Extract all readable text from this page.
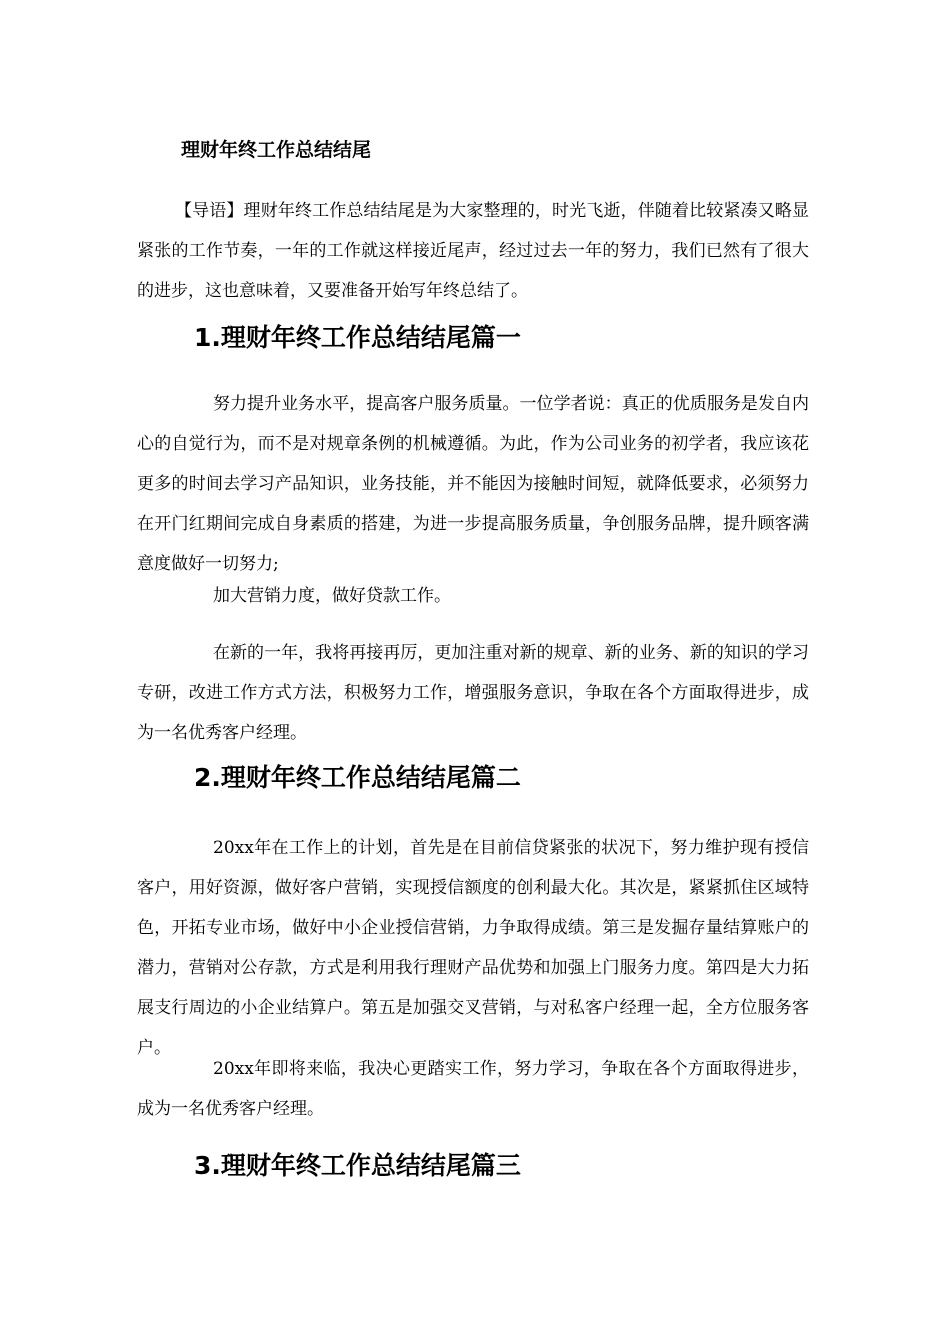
理财年终工作总结结尾

【导语】理财年终工作总结结尾是为大家整理的，时光飞逝，伴随着比较紧凑又略显紧张的工作节奏，一年的工作就这样接近尾声，经过过去一年的努力，我们已然有了很大的进步，这也意味着，又要准备开始写年终总结了。

1.理财年终工作总结结尾篇一

努力提升业务水平，提高客户服务质量。一位学者说：真正的优质服务是发自内心的自觉行为，而不是对规章条例的机械遵循。为此，作为公司业务的初学者，我应该花更多的时间去学习产品知识，业务技能，并不能因为接触时间短，就降低要求，必须努力在开门红期间完成自身素质的搭建，为进一步提高服务质量，争创服务品牌，提升顾客满意度做好一切努力;

加大营销力度，做好贷款工作。

在新的一年，我将再接再厉，更加注重对新的规章、新的业务、新的知识的学习专研，改进工作方式方法，积极努力工作，增强服务意识，争取在各个方面取得进步，成为一名优秀客户经理。

2.理财年终工作总结结尾篇二

20xx年在工作上的计划，首先是在目前信贷紧张的状况下，努力维护现有授信客户，用好资源，做好客户营销，实现授信额度的创利最大化。其次是，紧紧抓住区域特色，开拓专业市场，做好中小企业授信营销，力争取得成绩。第三是发掘存量结算账户的潜力，营销对公存款，方式是利用我行理财产品优势和加强上门服务力度。第四是大力拓展支行周边的小企业结算户。第五是加强交叉营销，与对私客户经理一起，全方位服务客户。

20xx年即将来临，我决心更踏实工作，努力学习，争取在各个方面取得进步，成为一名优秀客户经理。

3.理财年终工作总结结尾篇三
